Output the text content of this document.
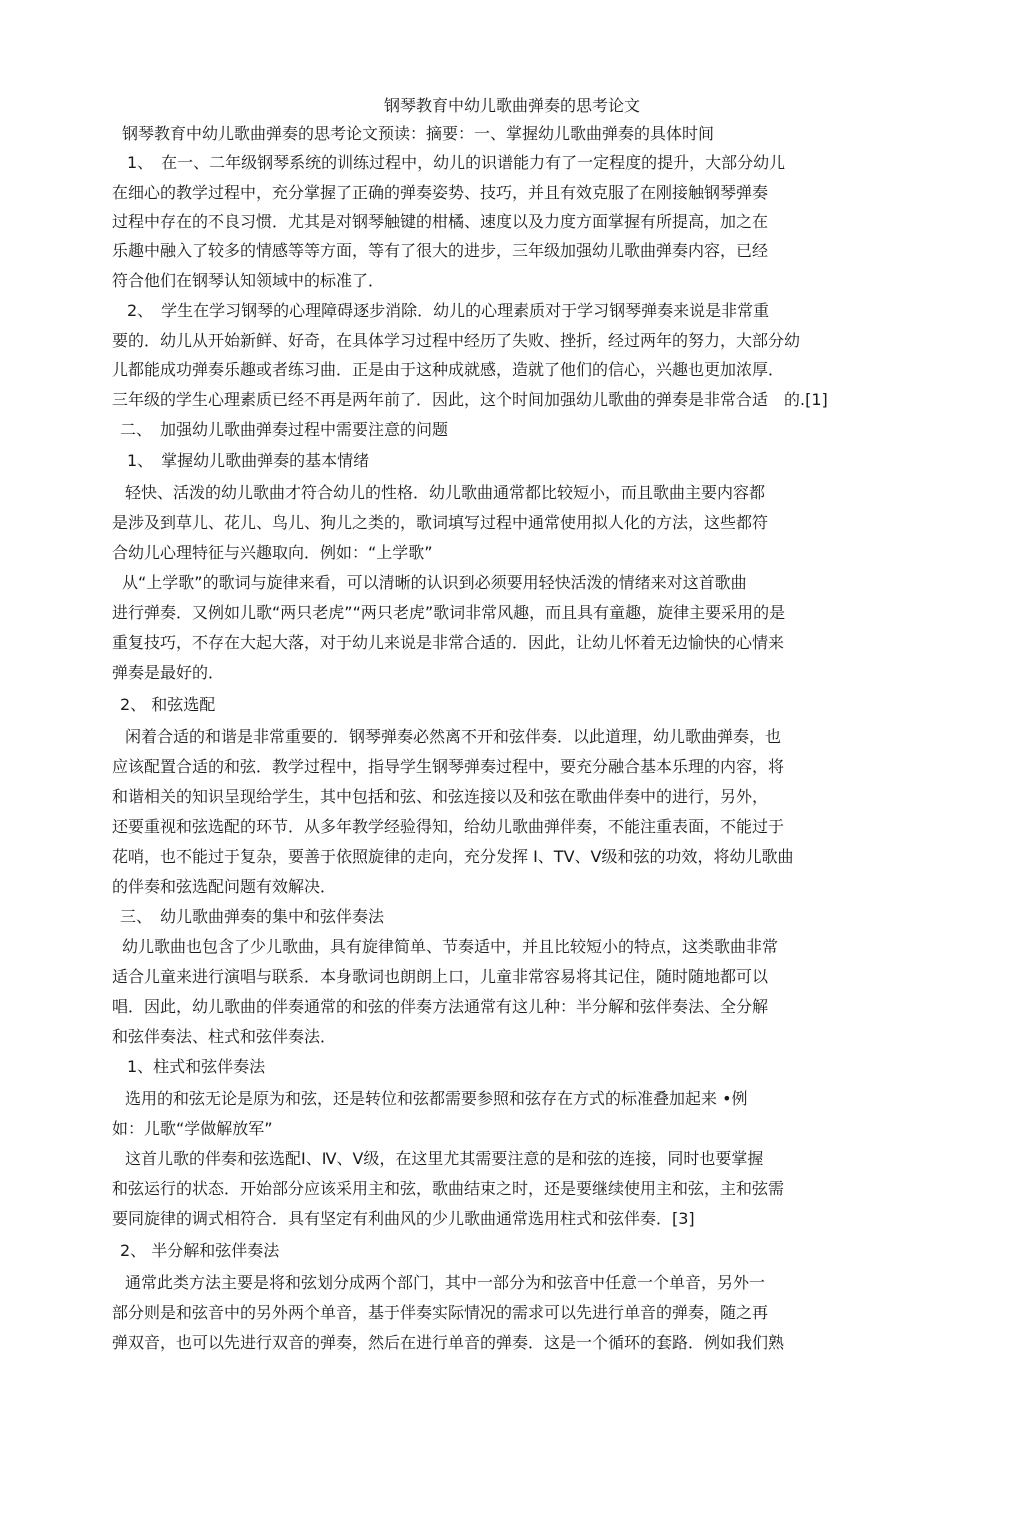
钢琴教育中幼儿歌曲弹奏的思考论文
钢琴教育中幼儿歌曲弹奏的思考论文预读：摘要：一、掌握幼儿歌曲弹奏的具体时间
1、　在一、二年级钢琴系统的训练过程中，幼儿的识谱能力有了一定程度的提升，大部分幼儿
在细心的教学过程中，充分掌握了正确的弹奏姿势、技巧，并且有效克服了在刚接触钢琴弹奏
过程中存在的不良习惯．尤其是对钢琴触键的柑橘、速度以及力度方面掌握有所提高，加之在
乐趣中融入了较多的情感等等方面，等有了很大的进步，三年级加强幼儿歌曲弹奏内容，已经
符合他们在钢琴认知领域中的标准了．
2、　学生在学习钢琴的心理障碍逐步消除．幼儿的心理素质对于学习钢琴弹奏来说是非常重
要的．幼儿从开始新鲜、好奇，在具体学习过程中经历了失败、挫折，经过两年的努力，大部分幼
儿都能成功弹奏乐趣或者练习曲．正是由于这种成就感，造就了他们的信心，兴趣也更加浓厚．
三年级的学生心理素质已经不再是两年前了．因此，这个时间加强幼儿歌曲的弹奏是非常合适　的.[1]
二、　加强幼儿歌曲弹奏过程中需要注意的问题
1、　掌握幼儿歌曲弹奏的基本情绪
轻快、活泼的幼儿歌曲才符合幼儿的性格．幼儿歌曲通常都比较短小，而且歌曲主要内容都
是涉及到草儿、花儿、鸟儿、狗儿之类的，歌词填写过程中通常使用拟人化的方法，这些都符
合幼儿心理特征与兴趣取向．例如：“上学歌”
从“上学歌”的歌词与旋律来看，可以清晰的认识到必须要用轻快活泼的情绪来对这首歌曲
进行弹奏．又例如儿歌“两只老虎”“两只老虎”歌词非常风趣，而且具有童趣，旋律主要采用的是
重复技巧，不存在大起大落，对于幼儿来说是非常合适的．因此，让幼儿怀着无边愉快的心情来
弹奏是最好的．
2、 和弦选配
闲着合适的和谐是非常重要的．钢琴弹奏必然离不开和弦伴奏．以此道理，幼儿歌曲弹奏，也
应该配置合适的和弦．教学过程中，指导学生钢琴弹奏过程中，要充分融合基本乐理的内容，将
和谐相关的知识呈现给学生，其中包括和弦、和弦连接以及和弦在歌曲伴奏中的进行，另外，
还要重视和弦选配的环节．从多年教学经验得知，给幼儿歌曲弹伴奏，不能注重表面，不能过于
花哨，也不能过于复杂，要善于依照旋律的走向，充分发挥 Ⅰ、TV、V级和弦的功效，将幼儿歌曲
的伴奏和弦选配问题有效解决．
三、　幼儿歌曲弹奏的集中和弦伴奏法
幼儿歌曲也包含了少儿歌曲，具有旋律简单、节奏适中，并且比较短小的特点，这类歌曲非常
适合儿童来进行演唱与联系．本身歌词也朗朗上口，儿童非常容易将其记住，随时随地都可以
唱．因此，幼儿歌曲的伴奏通常的和弦的伴奏方法通常有这儿种：半分解和弦伴奏法、全分解
和弦伴奏法、柱式和弦伴奏法．
1、柱式和弦伴奏法
选用的和弦无论是原为和弦，还是转位和弦都需要参照和弦存在方式的标准叠加起来 •例
如：儿歌“学做解放军”
这首儿歌的伴奏和弦选配Ⅰ、Ⅳ、Ⅴ级，在这里尤其需要注意的是和弦的连接，同时也要掌握
和弦运行的状态．开始部分应该采用主和弦，歌曲结束之时，还是要继续使用主和弦，主和弦需
要同旋律的调式相符合．具有坚定有利曲风的少儿歌曲通常选用柱式和弦伴奏．[3]
2、 半分解和弦伴奏法
通常此类方法主要是将和弦划分成两个部门，其中一部分为和弦音中任意一个单音，另外一
部分则是和弦音中的另外两个单音，基于伴奏实际情况的需求可以先进行单音的弹奏，随之再
弹双音，也可以先进行双音的弹奏，然后在进行单音的弹奏．这是一个循环的套路．例如我们熟
